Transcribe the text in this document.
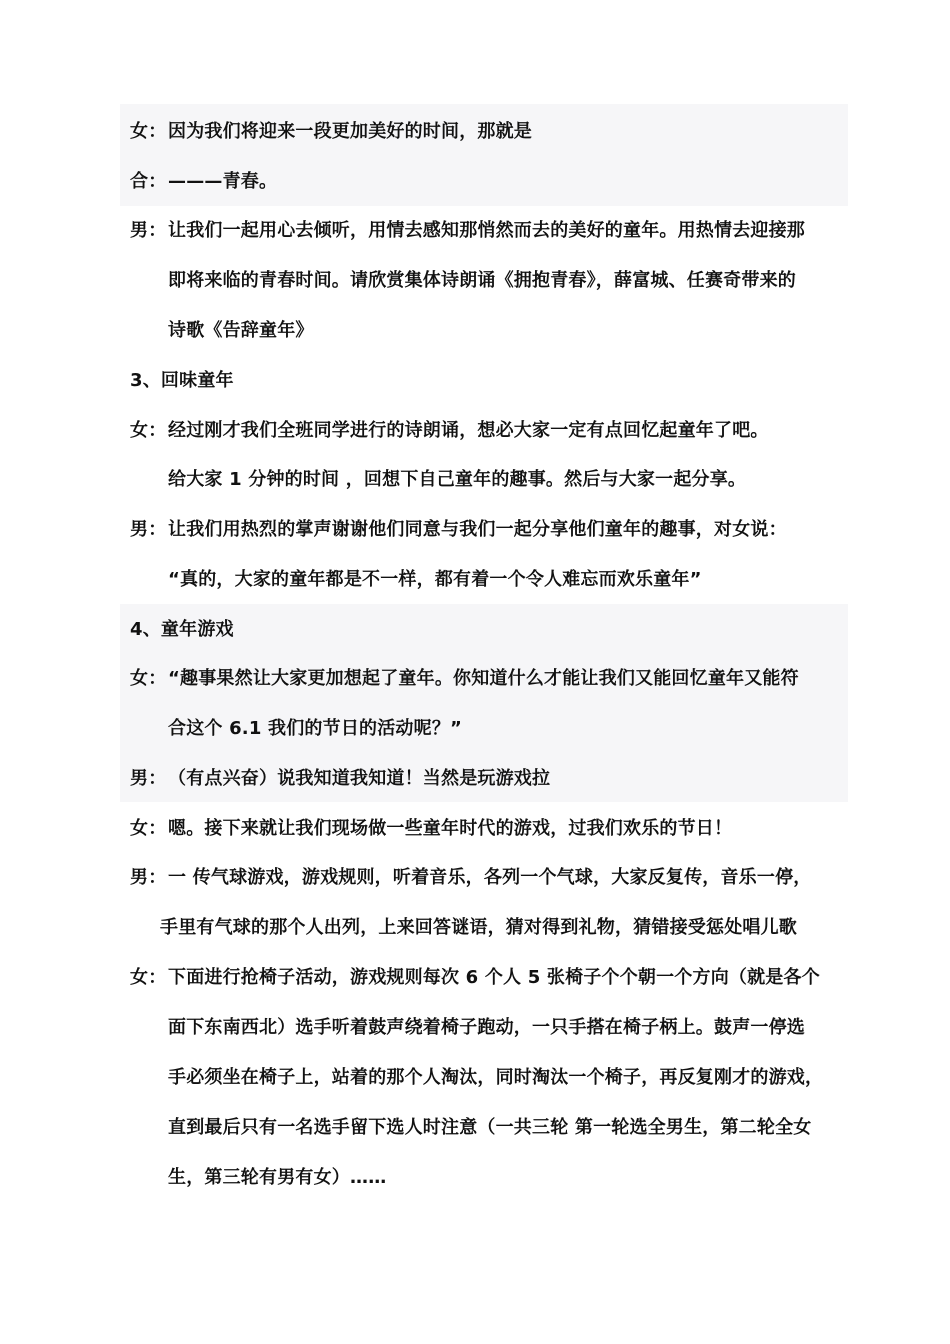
女： 因为我们将迎来一段更加美好的时间，那就是
合： ———青春。
男： 让我们一起用心去倾听，用情去感知那悄然而去的美好的童年。用热情去迎接那
即将来临的青春时间。请欣赏集体诗朗诵《拥抱青春》，薛富城、任赛奇带来的
诗歌《告辞童年》
3、回味童年
女： 经过刚才我们全班同学进行的诗朗诵，想必大家一定有点回忆起童年了吧。
给大家 1 分钟的时间 ，回想下自己童年的趣事。然后与大家一起分享。
男： 让我们用热烈的掌声谢谢他们同意与我们一起分享他们童年的趣事，对女说：
“真的，大家的童年都是不一样，都有着一个令人难忘而欢乐童年”
4、童年游戏
女： “趣事果然让大家更加想起了童年。你知道什么才能让我们又能回忆童年又能符
合这个 6.1 我们的节日的活动呢？”
男： （有点兴奋）说我知道我知道！当然是玩游戏拉
女： 嗯。接下来就让我们现场做一些童年时代的游戏，过我们欢乐的节日！
男： 一 传气球游戏，游戏规则，听着音乐，各列一个气球，大家反复传，音乐一停，
手里有气球的那个人出列，上来回答谜语，猜对得到礼物，猜错接受惩处唱儿歌
女： 下面进行抢椅子活动，游戏规则每次 6 个人 5 张椅子个个朝一个方向（就是各个
面下东南西北）选手听着鼓声绕着椅子跑动，一只手搭在椅子柄上。鼓声一停选
手必须坐在椅子上，站着的那个人淘汰，同时淘汰一个椅子，再反复刚才的游戏，
直到最后只有一名选手留下选人时注意（一共三轮 第一轮选全男生，第二轮全女
生，第三轮有男有女）……
